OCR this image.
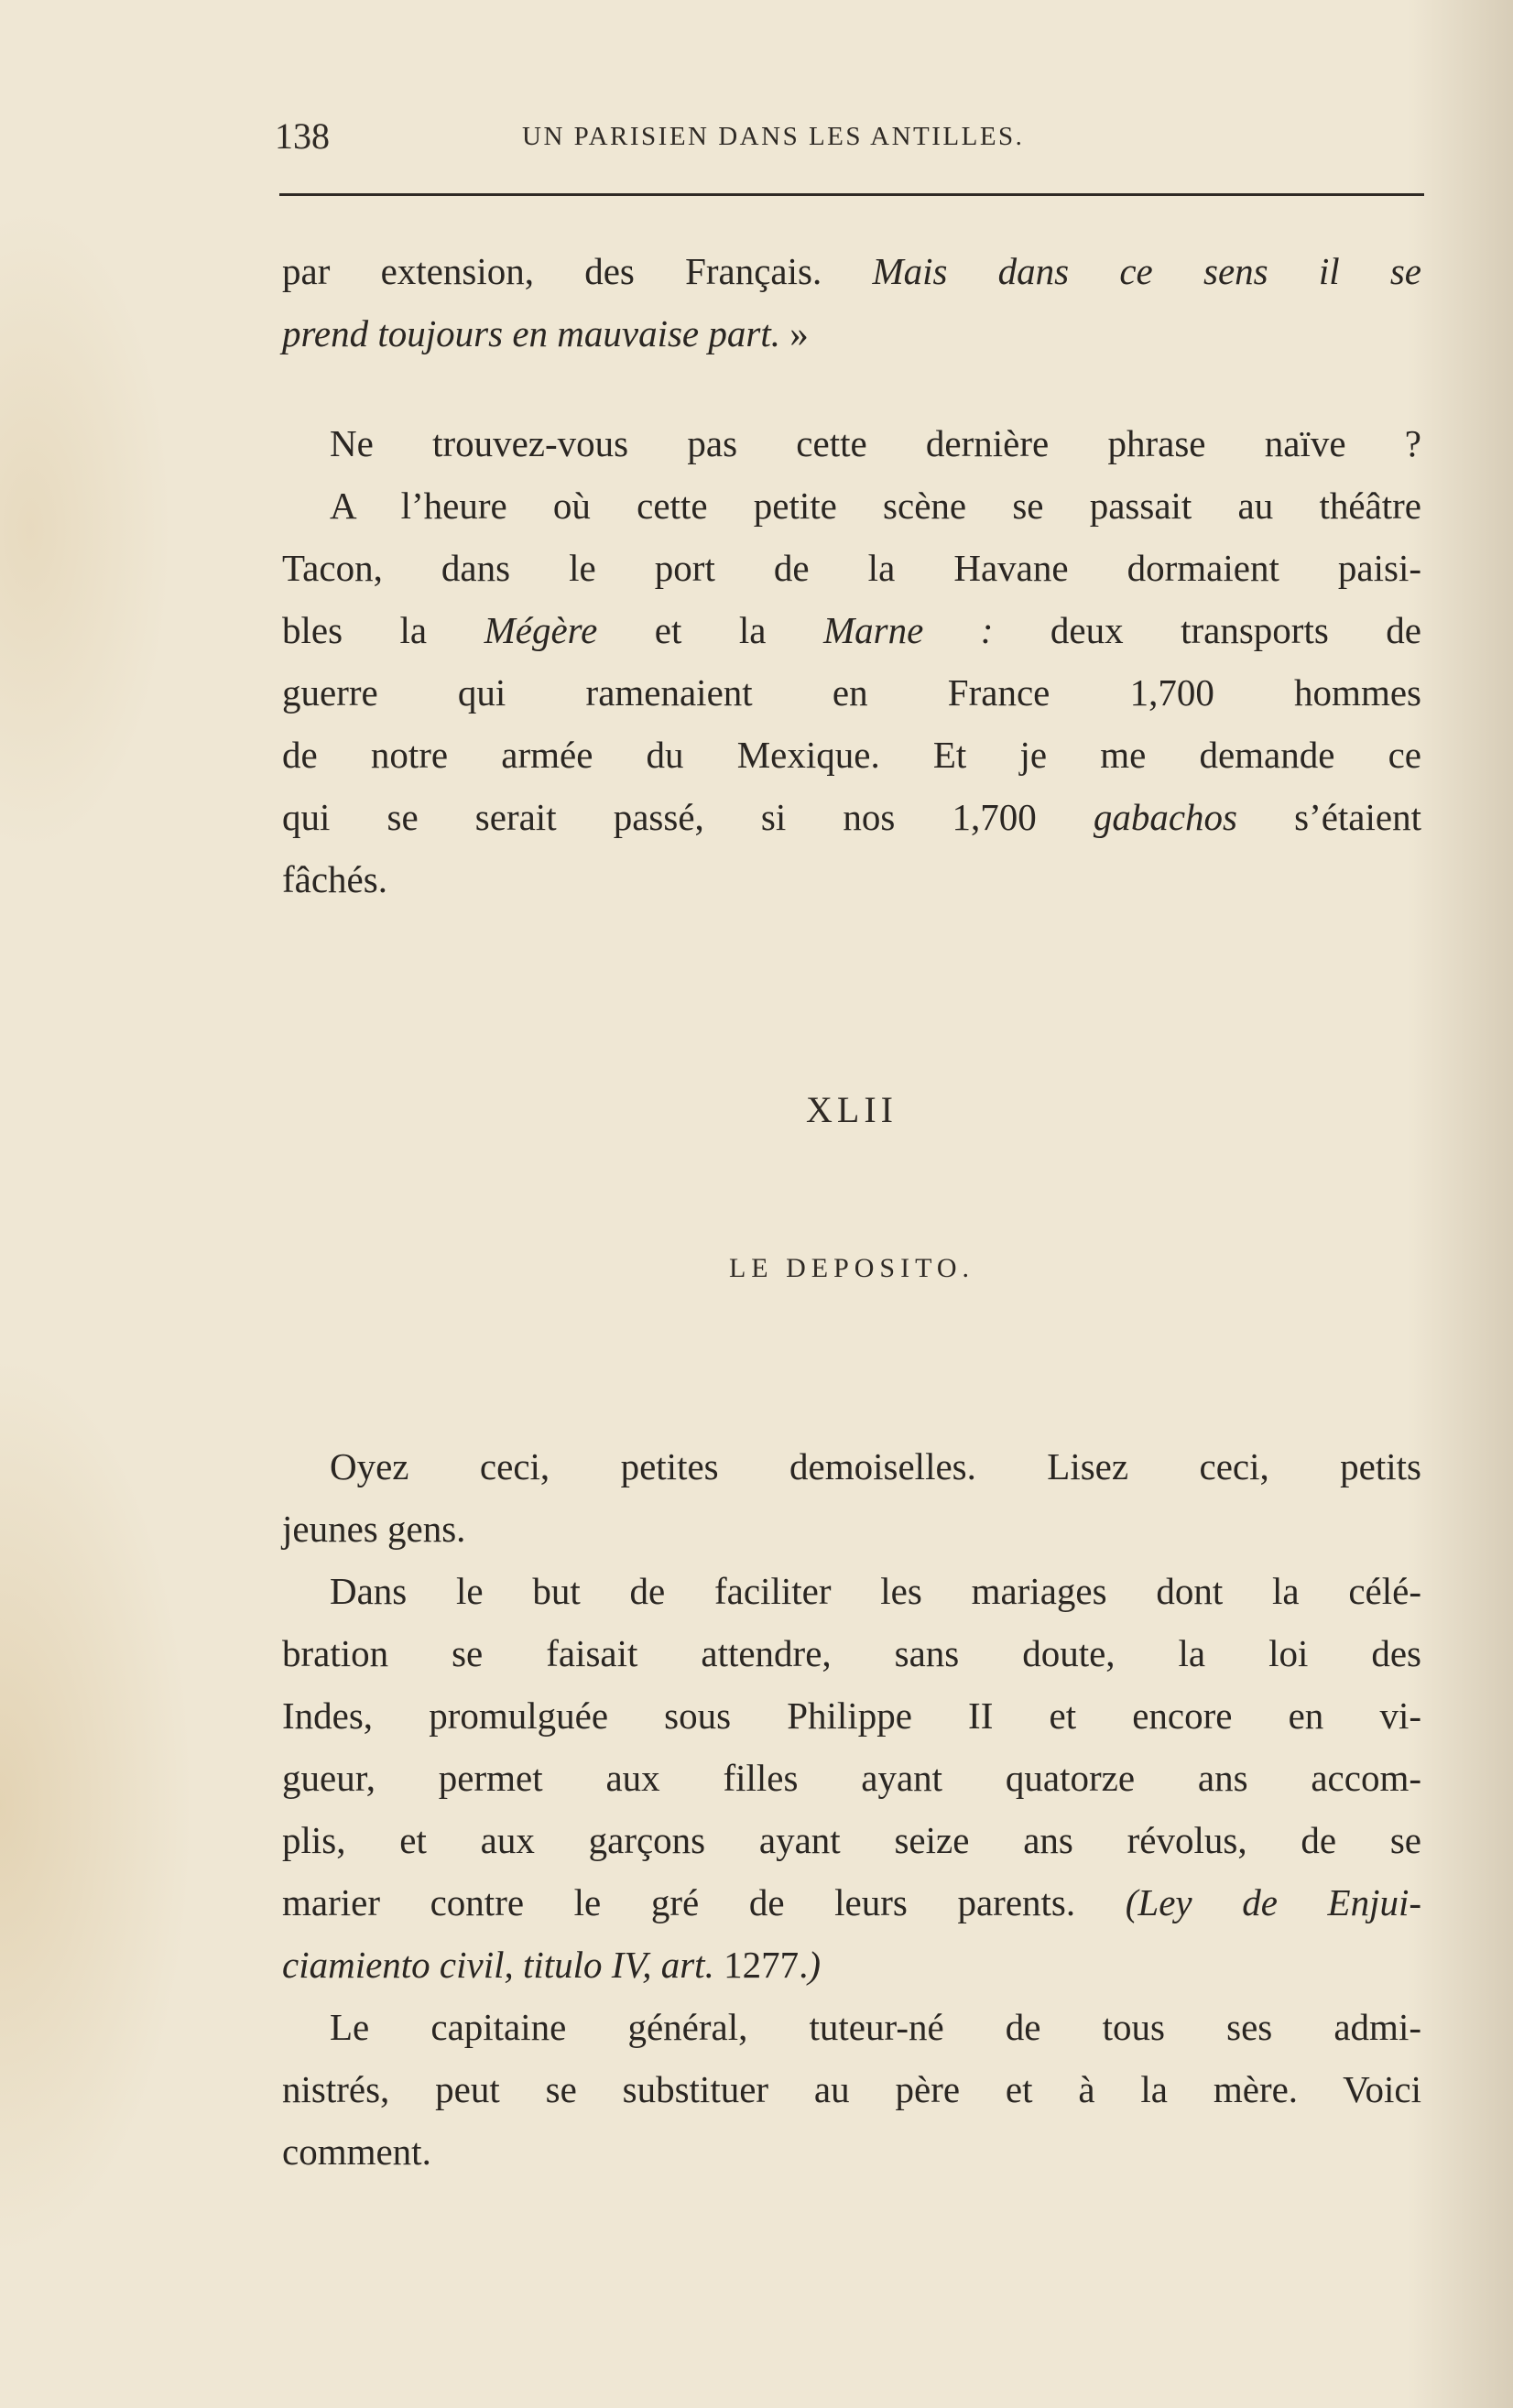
138	UN PARISIEN DANS LES ANTILLES.
par extension, des Français. Mais dans ce sens il se
prend toujours en mauvaise part. »
Ne trouvez-vous pas cette dernière phrase naïve ?
A l’heure où cette petite scène se passait au théâtre
Tacon, dans le port de la Havane dormaient paisi-
bles la Mégère et la Marne : deux transports de
guerre qui ramenaient en France 1,700 hommes
de notre armée du Mexique. Et je me demande ce
qui se serait passé, si nos 1,700 gabachos s’étaient
fâchés.
XLII
LE DEPOSITO.
Oyez ceci, petites demoiselles. Lisez ceci, petits
jeunes gens.
Dans le but de faciliter les mariages dont la célé-
bration se faisait attendre, sans doute, la loi des
Indes, promulguée sous Philippe II et encore en vi-
gueur, permet aux filles ayant quatorze ans accom-
plis, et aux garçons ayant seize ans révolus, de se
marier contre le gré de leurs parents. (Ley de Enjui-
ciamiento civil, titulo IV, art. 1277.)
Le capitaine général, tuteur-né de tous ses admi-
nistrés, peut se substituer au père et à la mère. Voici
comment.
